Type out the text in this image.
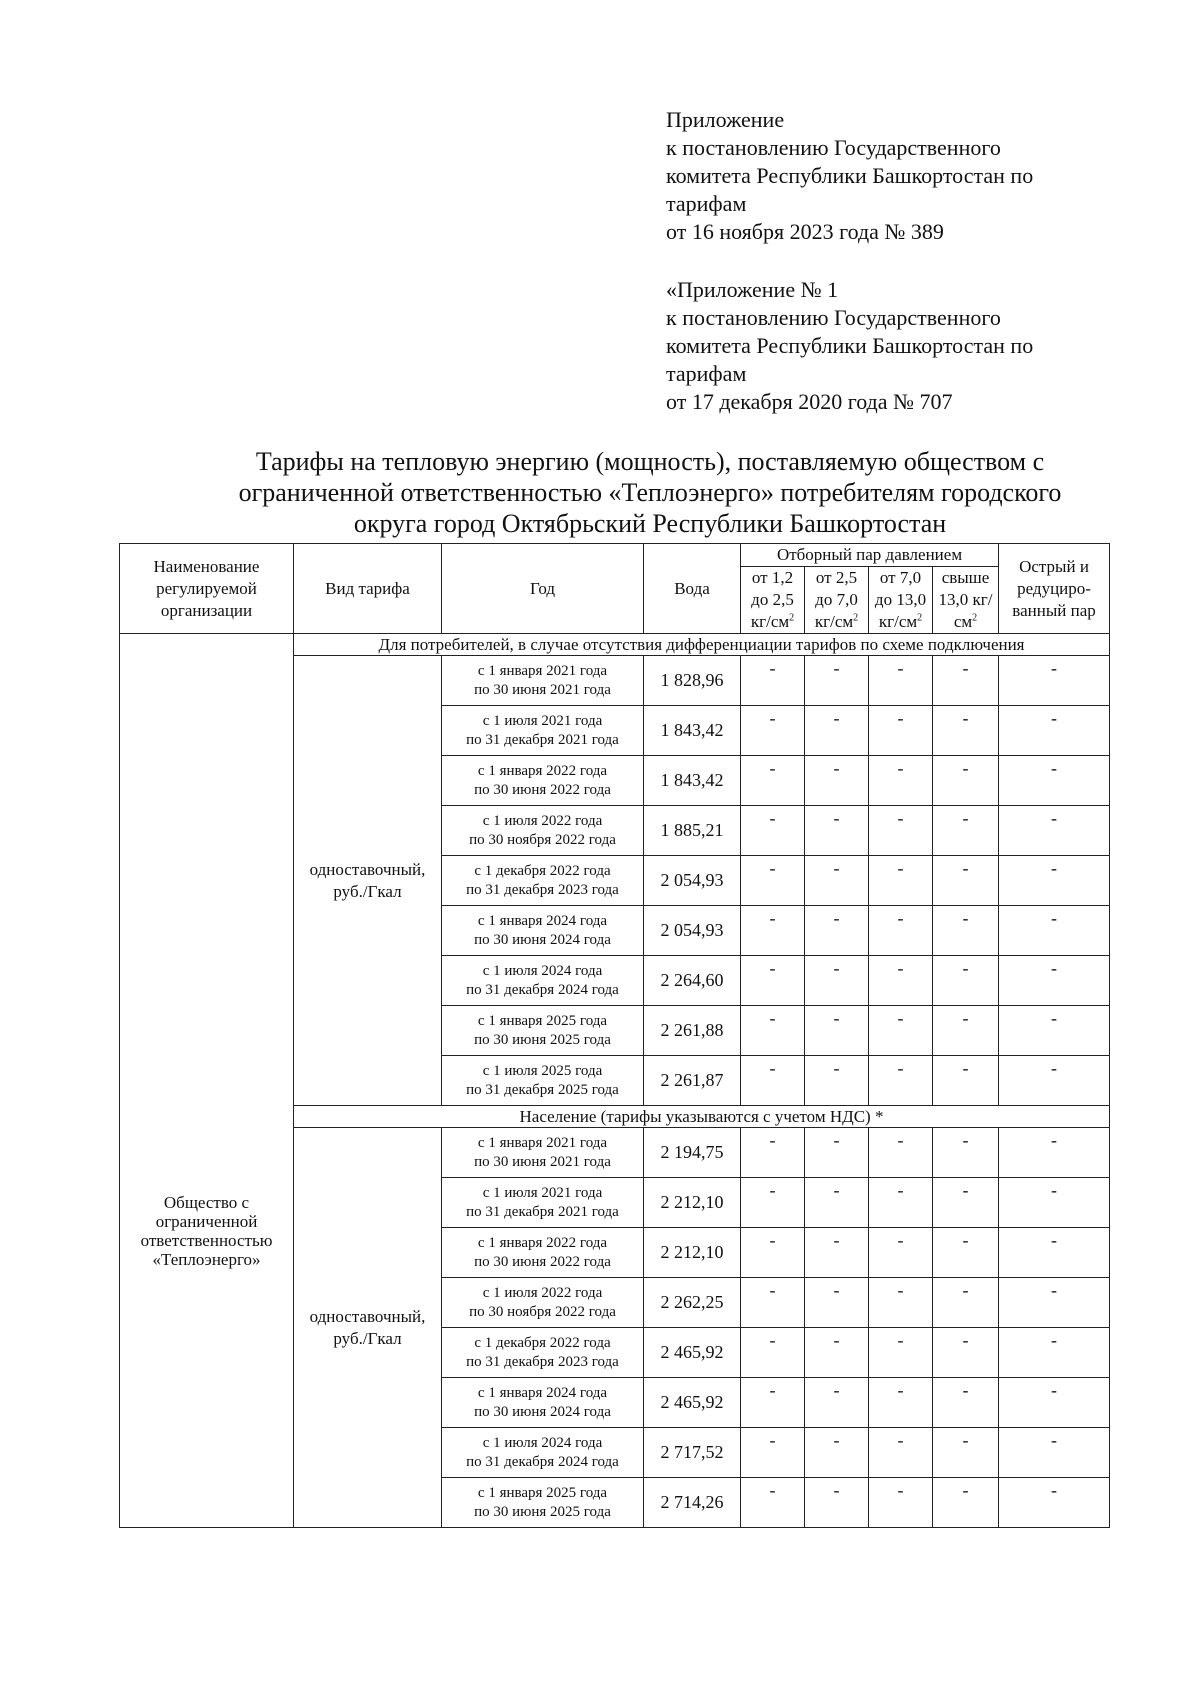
Приложение
к постановлению Государственного
комитета Республики Башкортостан по
тарифам
от 16 ноября 2023 года № 389
«Приложение № 1
к постановлению Государственного
комитета Республики Башкортостан по
тарифам
от 17 декабря 2020 года № 707
Тарифы на тепловую энергию (мощность), поставляемую обществом с
ограниченной ответственностью «Теплоэнерго» потребителям городского
округа город Октябрьский Республики Башкортостан
Наименование регулируемой организации	Вид тарифа	Год	Вода	Отборный пар давлением				Острый и редуциро-ванный пар
				от 1,2 до 2,5 $кг/см^2$	от 2,5 до 7,0 $кг/см^2$	от 7,0 до 13,0 $кг/см^2$	свыше 13,0 $кг/см^2$

Общество с
ограниченной
ответственностью
«Теплоэнерго»	Для потребителей, в случае отсутствия дифференциации тарифов по схеме подключения							

	одноставочный,
руб./Гкал	с 1 января 2021 года
по 30 июня 2021 года	1 828,96	-	-	-	-	-

		с 1 июля 2021 года
по 31 декабря 2021 года	1 843,42	-	-	-	-	-

		с 1 января 2022 года
по 30 июня 2022 года	1 843,42	-	-	-	-	-

		с 1 июля 2022 года
по 30 ноября 2022 года	1 885,21	-	-	-	-	-

		с 1 декабря 2022 года
по 31 декабря 2023 года	2 054,93	-	-	-	-	-

		с 1 января 2024 года
по 30 июня 2024 года	2 054,93	-	-	-	-	-

		с 1 июля 2024 года
по 31 декабря 2024 года	2 264,60	-	-	-	-	-

		с 1 января 2025 года
по 30 июня 2025 года	2 261,88	-	-	-	-	-

		с 1 июля 2025 года
по 31 декабря 2025 года	2 261,87	-	-	-	-	-
	Население (тарифы указываются с учетом НДС) *							

	одноставочный,
руб./Гкал	с 1 января 2021 года
по 30 июня 2021 года	2 194,75	-	-	-	-	-

		с 1 июля 2021 года
по 31 декабря 2021 года	2 212,10	-	-	-	-	-

		с 1 января 2022 года
по 30 июня 2022 года	2 212,10	-	-	-	-	-

		с 1 июля 2022 года
по 30 ноября 2022 года	2 262,25	-	-	-	-	-

		с 1 декабря 2022 года
по 31 декабря 2023 года	2 465,92	-	-	-	-	-

		с 1 января 2024 года
по 30 июня 2024 года	2 465,92	-	-	-	-	-

		с 1 июля 2024 года
по 31 декабря 2024 года	2 717,52	-	-	-	-	-

		с 1 января 2025 года
по 30 июня 2025 года	2 714,26	-	-	-	-	-
